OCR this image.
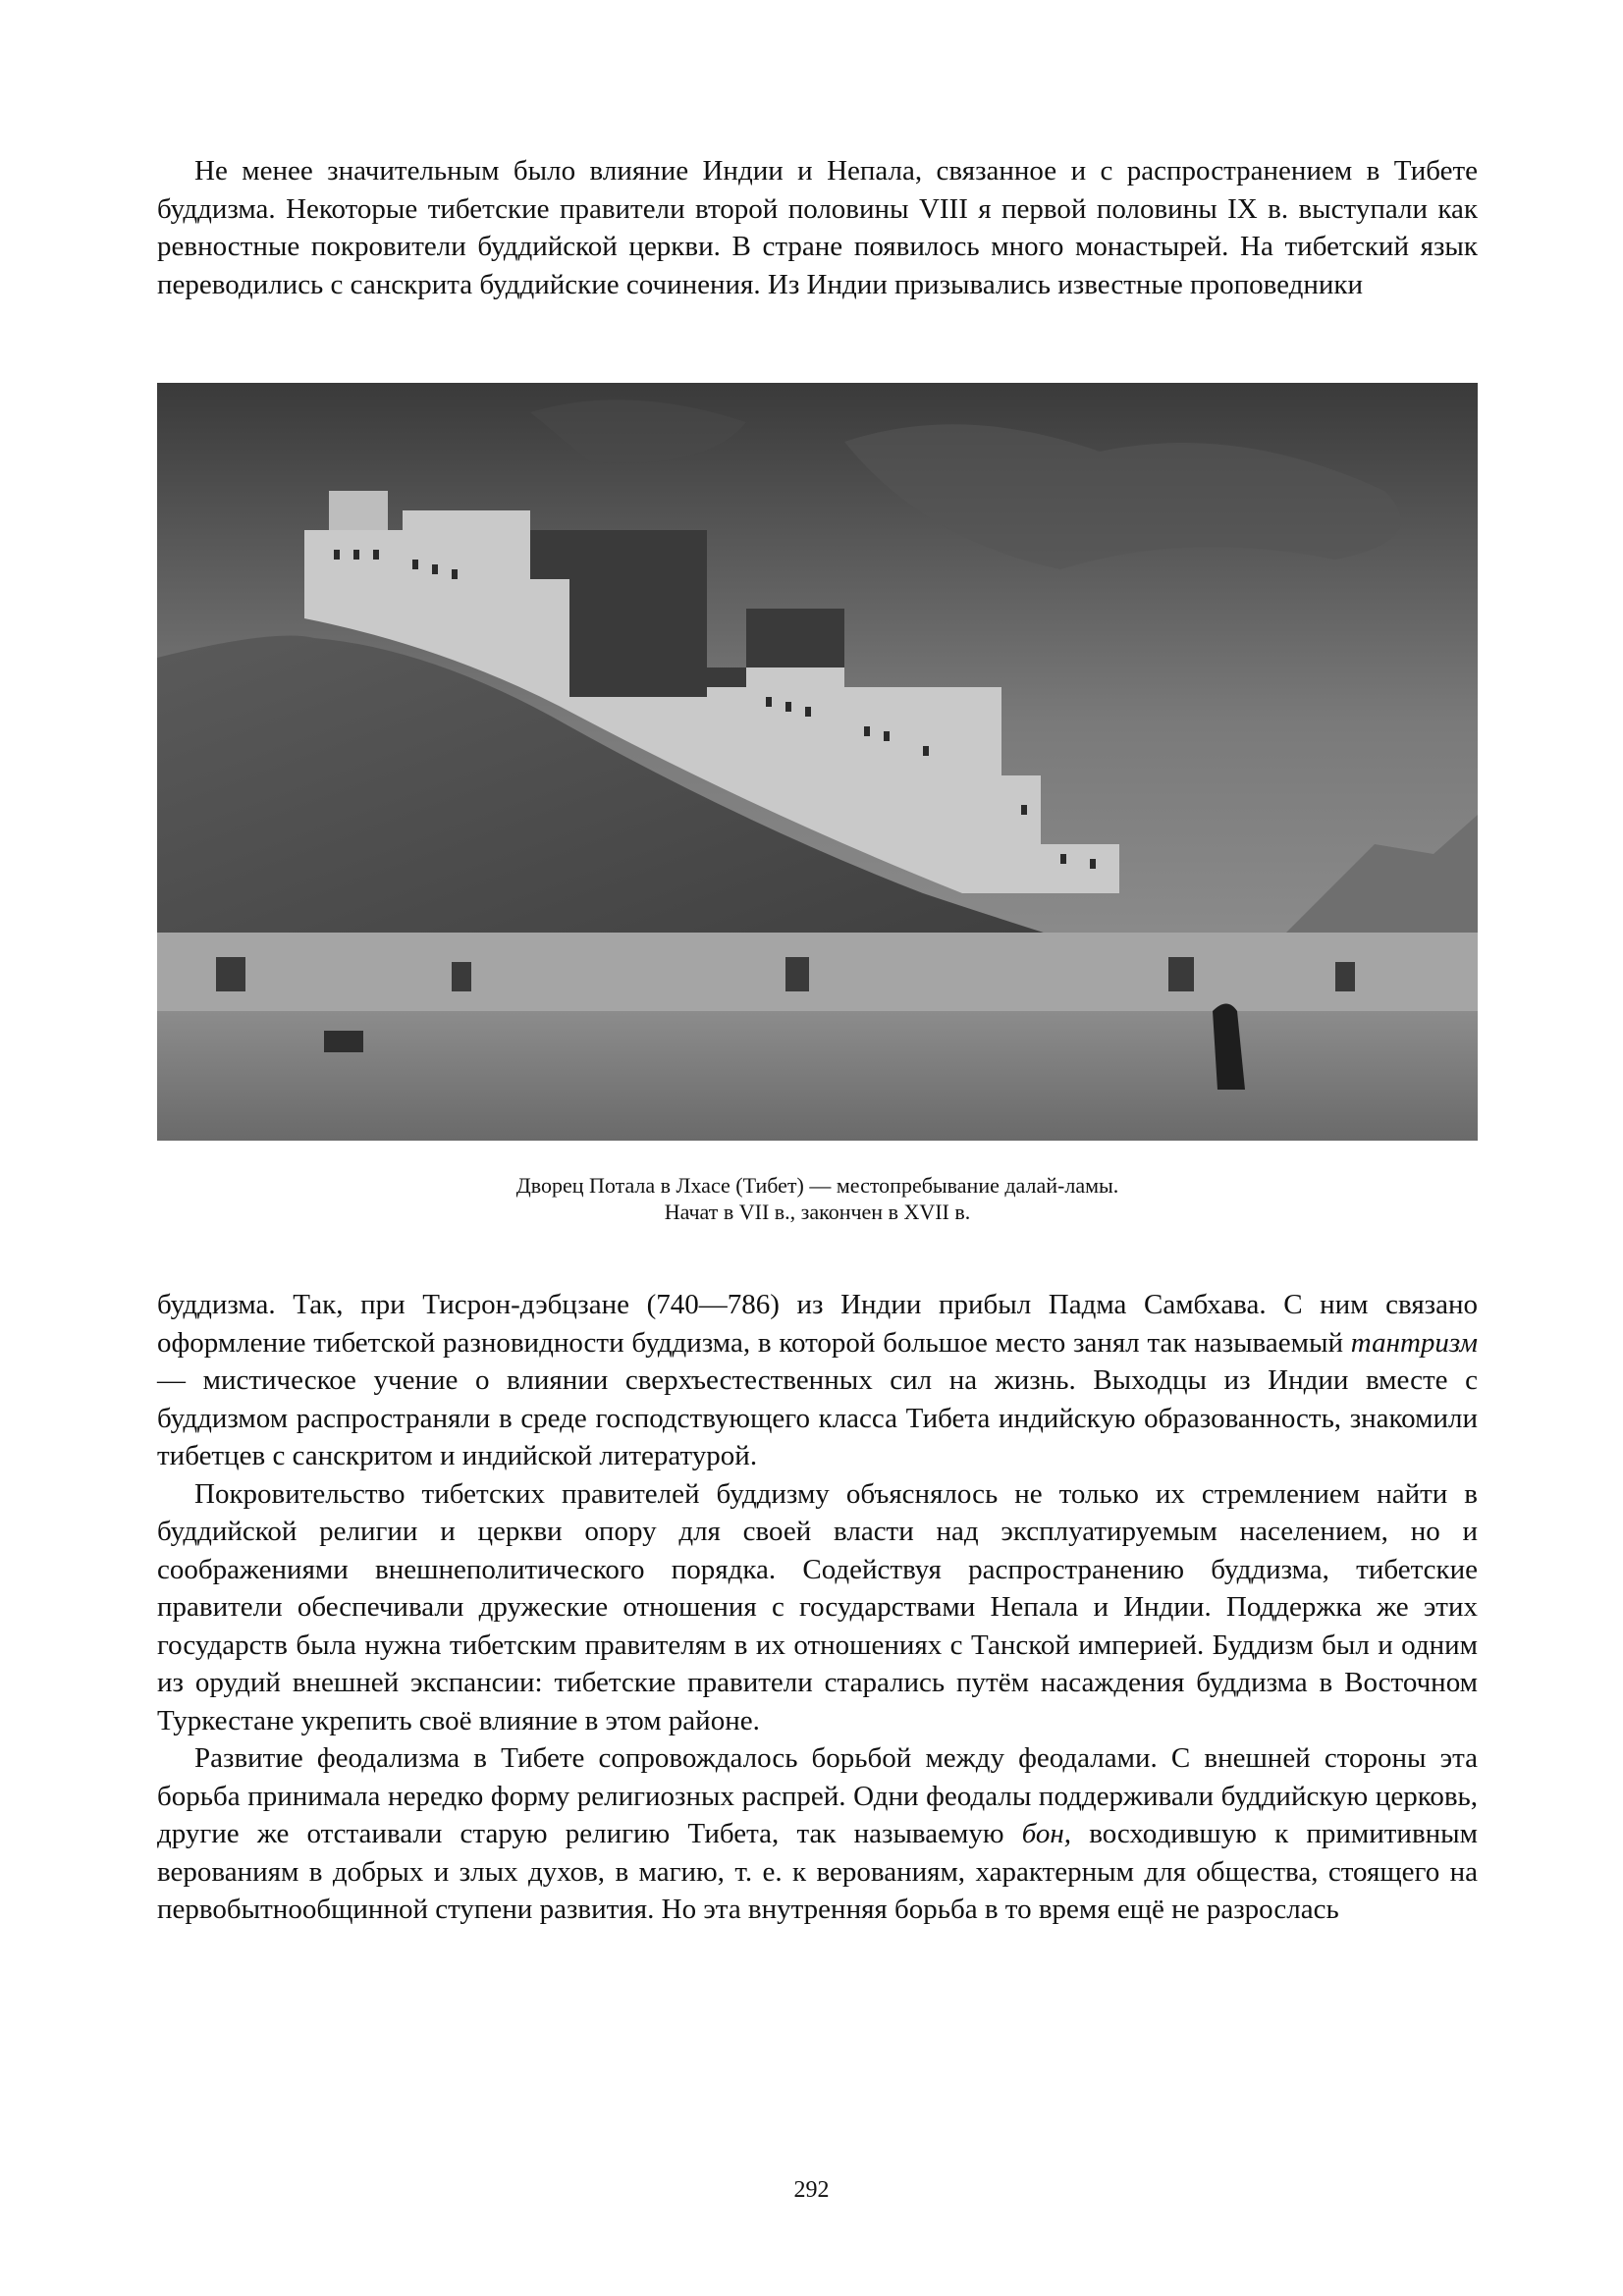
Не менее значительным было влияние Индии и Непала, связанное и с распространением в Тибете буддизма. Некоторые тибетские правители второй половины VIII я первой половины IX в. выступали как ревностные покровители буддийской церкви. В стране появилось много монастырей. На тибетский язык переводились с санскрита буддийские сочинения. Из Индии призывались известные проповедники

Дворец Потала в Лхасе (Тибет) — местопребывание далай-ламы.
Начат в VII в., закончен в XVII в.

буддизма. Так, при Тисрон-дэбцзане (740—786) из Индии прибыл Падма Самбхава. С ним связано оформление тибетской разновидности буддизма, в которой большое место занял так называемый тантризм — мистическое учение о влиянии сверхъестественных сил на жизнь. Выходцы из Индии вместе с буддизмом распространяли в среде господствующего класса Тибета индийскую образованность, знакомили тибетцев с санскритом и индийской литературой.

Покровительство тибетских правителей буддизму объяснялось не только их стремлением найти в буддийской религии и церкви опору для своей власти над эксплуатируемым населением, но и соображениями внешнеполитического порядка. Содействуя распространению буддизма, тибетские правители обеспечивали дружеские отношения с государствами Непала и Индии. Поддержка же этих государств была нужна тибетским правителям в их отношениях с Танской империей. Буддизм был и одним из орудий внешней экспансии: тибетские правители старались путём насаждения буддизма в Восточном Туркестане укрепить своё влияние в этом районе.

Развитие феодализма в Тибете сопровождалось борьбой между феодалами. С внешней стороны эта борьба принимала нередко форму религиозных распрей. Одни феодалы поддерживали буддийскую церковь, другие же отстаивали старую религию Тибета, так называемую бон, восходившую к примитивным верованиям в добрых и злых духов, в магию, т. е. к верованиям, характерным для общества, стоящего на первобытнообщинной ступени развития. Но эта внутренняя борьба в то время ещё не разрослась

292
